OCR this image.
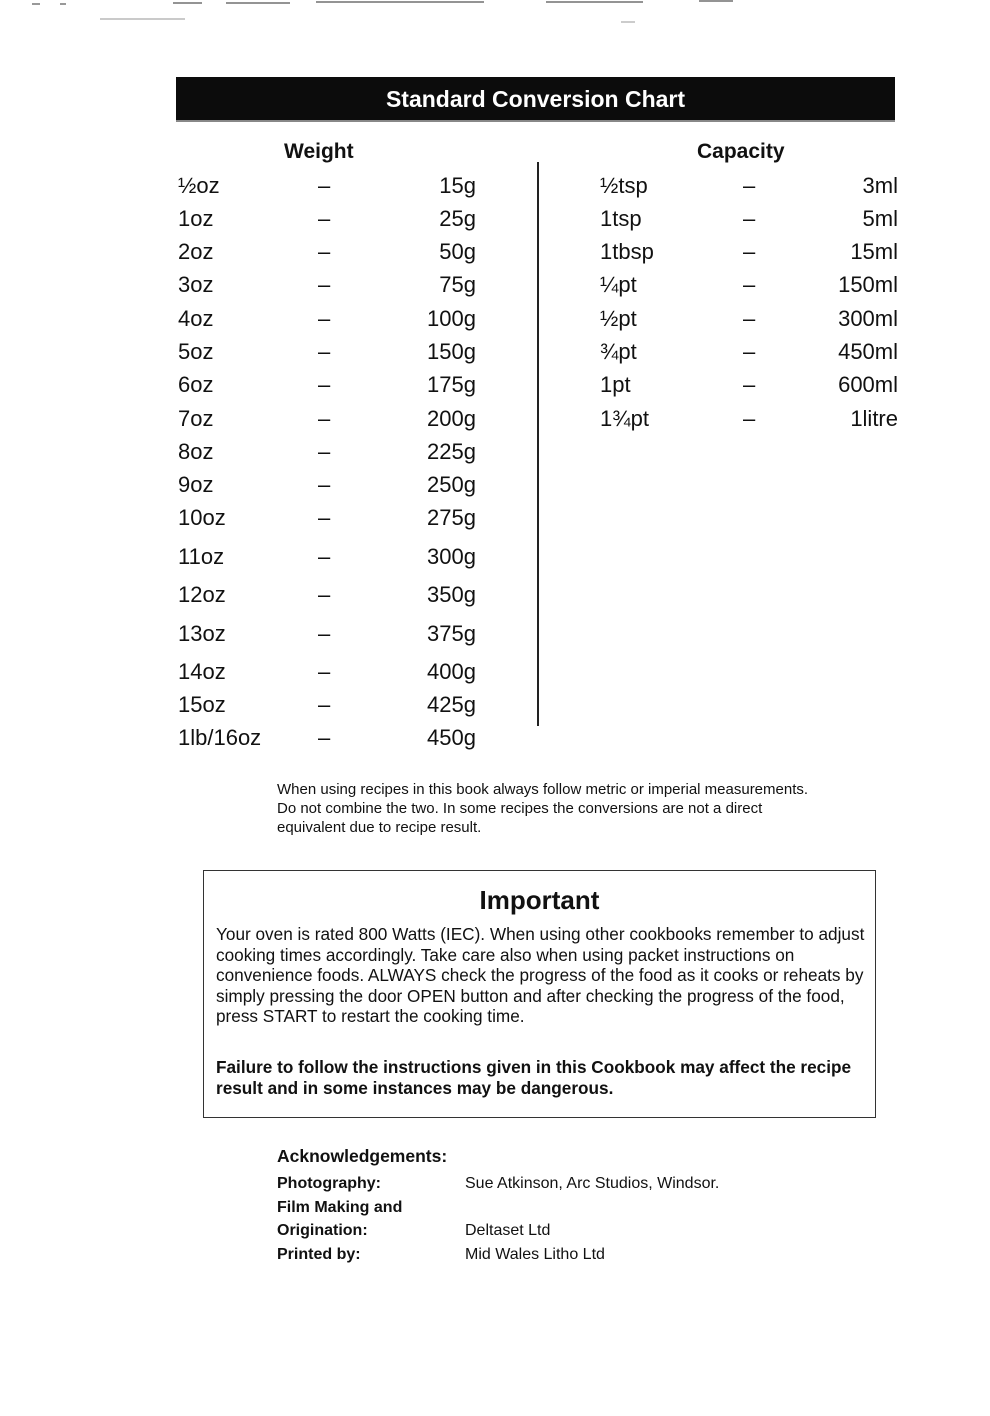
Standard Conversion Chart
Weight	Capacity
½oz	–	15g
1oz	–	25g
2oz	–	50g
3oz	–	75g
4oz	–	100g
5oz	–	150g
6oz	–	175g
7oz	–	200g
8oz	–	225g
9oz	–	250g
10oz	–	275g
11oz	–	300g
12oz	–	350g
13oz	–	375g
14oz	–	400g
15oz	–	425g
1lb/16oz	–	450g
½tsp	–	3ml
1tsp	–	5ml
1tbsp	–	15ml
¼pt	–	150ml
½pt	–	300ml
¾pt	–	450ml
1pt	–	600ml
1¾pt	–	1litre
When using recipes in this book always follow metric or imperial measurements. Do not combine the two. In some recipes the conversions are not a direct equivalent due to recipe result.
Important
Your oven is rated 800 Watts (IEC). When using other cookbooks remember to adjust cooking times accordingly. Take care also when using packet instructions on convenience foods. ALWAYS check the progress of the food as it cooks or reheats by simply pressing the door OPEN button and after checking the progress of the food, press START to restart the cooking time.
Failure to follow the instructions given in this Cookbook may affect the recipe result and in some instances may be dangerous.
Acknowledgements:
Photography:	Sue Atkinson, Arc Studios, Windsor.
Film Making and
Origination:	Deltaset Ltd
Printed by:	Mid Wales Litho Ltd
